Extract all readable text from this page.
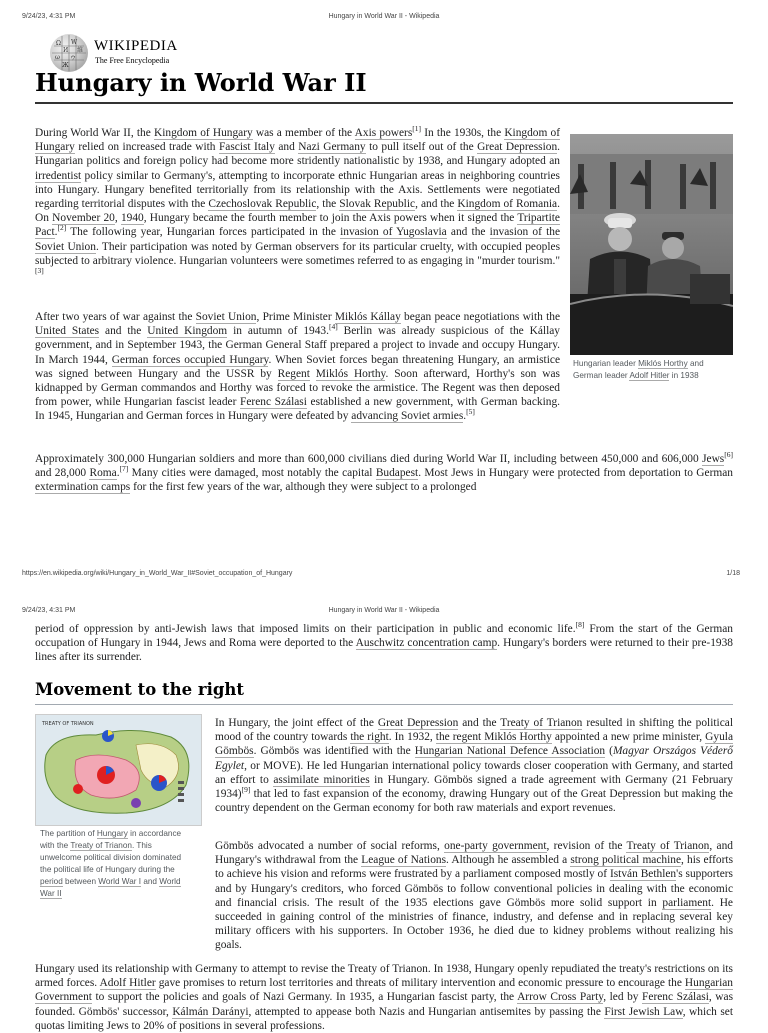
9/24/23, 4:31 PM	Hungary in World War II - Wikipedia
Ω W
И 維
ω ウ
Ж
WIKIPEDIA
The Free Encyclopedia
Hungary in World War II

During World War II, the Kingdom of Hungary was a member of the Axis powers[1] In the 1930s, the Kingdom of Hungary relied on increased trade with Fascist Italy and Nazi Germany to pull itself out of the Great Depression. Hungarian politics and foreign policy had become more stridently nationalistic by 1938, and Hungary adopted an irredentist policy similar to Germany's, attempting to incorporate ethnic Hungarian areas in neighboring countries into Hungary. Hungary benefited territorially from its relationship with the Axis. Settlements were negotiated regarding territorial disputes with the Czechoslovak Republic, the Slovak Republic, and the Kingdom of Romania. On November 20, 1940, Hungary became the fourth member to join the Axis powers when it signed the Tripartite Pact.[2] The following year, Hungarian forces participated in the invasion of Yugoslavia and the invasion of the Soviet Union. Their participation was noted by German observers for its particular cruelty, with occupied peoples subjected to arbitrary violence. Hungarian volunteers were sometimes referred to as engaging in "murder tourism."[3]

Hungarian leader Miklós Horthy and German leader Adolf Hitler in 1938

After two years of war against the Soviet Union, Prime Minister Miklós Kállay began peace negotiations with the United States and the United Kingdom in autumn of 1943.[4] Berlin was already suspicious of the Kállay government, and in September 1943, the German General Staff prepared a project to invade and occupy Hungary. In March 1944, German forces occupied Hungary. When Soviet forces began threatening Hungary, an armistice was signed between Hungary and the USSR by Regent Miklós Horthy. Soon afterward, Horthy's son was kidnapped by German commandos and Horthy was forced to revoke the armistice. The Regent was then deposed from power, while Hungarian fascist leader Ferenc Szálasi established a new government, with German backing. In 1945, Hungarian and German forces in Hungary were defeated by advancing Soviet armies.[5]

Approximately 300,000 Hungarian soldiers and more than 600,000 civilians died during World War II, including between 450,000 and 606,000 Jews[6] and 28,000 Roma.[7] Many cities were damaged, most notably the capital Budapest. Most Jews in Hungary were protected from deportation to German extermination camps for the first few years of the war, although they were subject to a prolonged

https://en.wikipedia.org/wiki/Hungary_in_World_War_II#Soviet_occupation_of_Hungary	1/18
9/24/23, 4:31 PM	Hungary in World War II - Wikipedia

period of oppression by anti-Jewish laws that imposed limits on their participation in public and economic life.[8] From the start of the German occupation of Hungary in 1944, Jews and Roma were deported to the Auschwitz concentration camp. Hungary's borders were returned to their pre-1938 lines after its surrender.

Movement to the right
TREATY OF TRIANON
The partition of Hungary in accordance with the Treaty of Trianon. This unwelcome political division dominated the political life of Hungary during the period between World War I and World War II

In Hungary, the joint effect of the Great Depression and the Treaty of Trianon resulted in shifting the political mood of the country towards the right. In 1932, the regent Miklós Horthy appointed a new prime minister, Gyula Gömbös. Gömbös was identified with the Hungarian National Defence Association (Magyar Országos Véderő Egylet, or MOVE). He led Hungarian international policy towards closer cooperation with Germany, and started an effort to assimilate minorities in Hungary. Gömbös signed a trade agreement with Germany (21 February 1934)[9] that led to fast expansion of the economy, drawing Hungary out of the Great Depression but making the country dependent on the German economy for both raw materials and export revenues.

Gömbös advocated a number of social reforms, one-party government, revision of the Treaty of Trianon, and Hungary's withdrawal from the League of Nations. Although he assembled a strong political machine, his efforts to achieve his vision and reforms were frustrated by a parliament composed mostly of István Bethlen's supporters and by Hungary's creditors, who forced Gömbös to follow conventional policies in dealing with the economic and financial crisis. The result of the 1935 elections gave Gömbös more solid support in parliament. He succeeded in gaining control of the ministries of finance, industry, and defense and in replacing several key military officers with his supporters. In October 1936, he died due to kidney problems without realizing his goals.

Hungary used its relationship with Germany to attempt to revise the Treaty of Trianon. In 1938, Hungary openly repudiated the treaty's restrictions on its armed forces. Adolf Hitler gave promises to return lost territories and threats of military intervention and economic pressure to encourage the Hungarian Government to support the policies and goals of Nazi Germany. In 1935, a Hungarian fascist party, the Arrow Cross Party, led by Ferenc Szálasi, was founded. Gömbös' successor, Kálmán Darányi, attempted to appease both Nazis and Hungarian antisemites by passing the First Jewish Law, which set quotas limiting Jews to 20% of positions in several professions.
